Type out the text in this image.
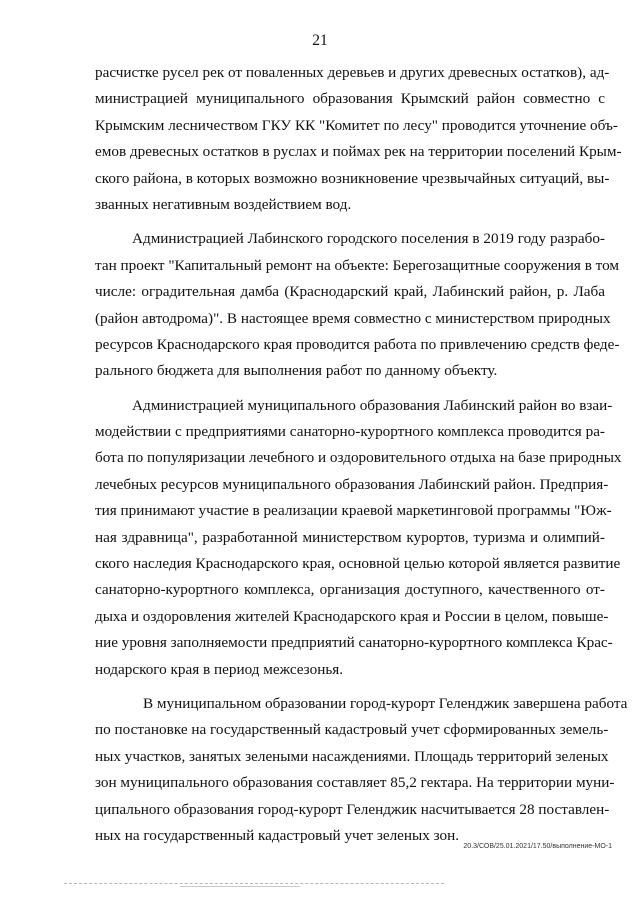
21
расчистке русел рек от поваленных деревьев и других древесных остатков), ад-
министрацией муниципального образования Крымский район совместно с
Крымским лесничеством ГКУ КК "Комитет по лесу" проводится уточнение объ-
емов древесных остатков в руслах и поймах рек на территории поселений Крым-
ского района, в которых возможно возникновение чрезвычайных ситуаций, вы-
званных негативным воздействием вод.
Администрацией Лабинского городского поселения в 2019 году разрабо-
тан проект "Капитальный ремонт на объекте: Берегозащитные сооружения в том
числе: оградительная дамба (Краснодарский край, Лабинский район, р. Лаба
(район автодрома)". В настоящее время совместно с министерством природных
ресурсов Краснодарского края проводится работа по привлечению средств феде-
рального бюджета для выполнения работ по данному объекту.
Администрацией муниципального образования Лабинский район во взаи-
модействии с предприятиями санаторно-курортного комплекса проводится ра-
бота по популяризации лечебного и оздоровительного отдыха на базе природных
лечебных ресурсов муниципального образования Лабинский район. Предприя-
тия принимают участие в реализации краевой маркетинговой программы "Юж-
ная здравница", разработанной министерством курортов, туризма и олимпий-
ского наследия Краснодарского края, основной целью которой является развитие
санаторно-курортного комплекса, организация доступного, качественного от-
дыха и оздоровления жителей Краснодарского края и России в целом, повыше-
ние уровня заполняемости предприятий санаторно-курортного комплекса Крас-
нодарского края в период межсезонья.
В муниципальном образовании город-курорт Геленджик завершена работа
по постановке на государственный кадастровый учет сформированных земель-
ных участков, занятых зелеными насаждениями. Площадь территорий зеленых
зон муниципального образования составляет 85,2 гектара. На территории муни-
ципального образования город-курорт Геленджик насчитывается 28 поставлен-
ных на государственный кадастровый учет зеленых зон.
20.3/СОВ/25.01.2021/17.50/выполнение-МО-1
